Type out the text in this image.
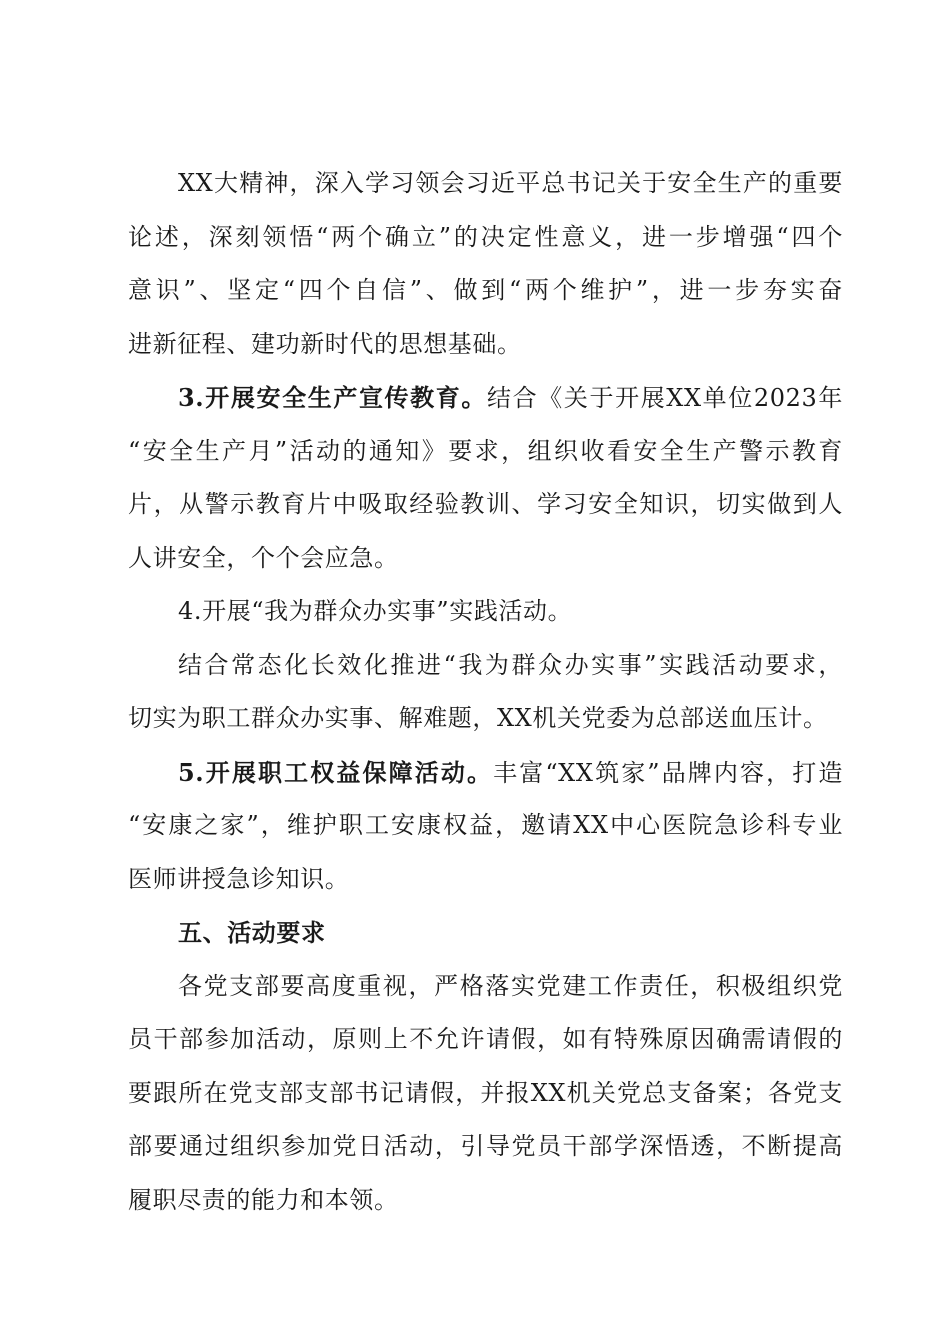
XX大精神，深入学习领会习近平总书记关于安全生产的重要
论述，深刻领悟“两个确立”的决定性意义，进一步增强“四个
意识”、坚定“四个自信”、做到“两个维护”，进一步夯实奋
进新征程、建功新时代的思想基础。
3.开展安全生产宣传教育。结合《关于开展XX单位2023年
“安全生产月”活动的通知》要求，组织收看安全生产警示教育
片，从警示教育片中吸取经验教训、学习安全知识，切实做到人
人讲安全，个个会应急。
4.开展“我为群众办实事”实践活动。
结合常态化长效化推进“我为群众办实事”实践活动要求，
切实为职工群众办实事、解难题，XX机关党委为总部送血压计。
5.开展职工权益保障活动。丰富“XX筑家”品牌内容，打造
“安康之家”，维护职工安康权益，邀请XX中心医院急诊科专业
医师讲授急诊知识。
五、活动要求
各党支部要高度重视，严格落实党建工作责任，积极组织党
员干部参加活动，原则上不允许请假，如有特殊原因确需请假的
要跟所在党支部支部书记请假，并报XX机关党总支备案；各党支
部要通过组织参加党日活动，引导党员干部学深悟透，不断提高
履职尽责的能力和本领。
